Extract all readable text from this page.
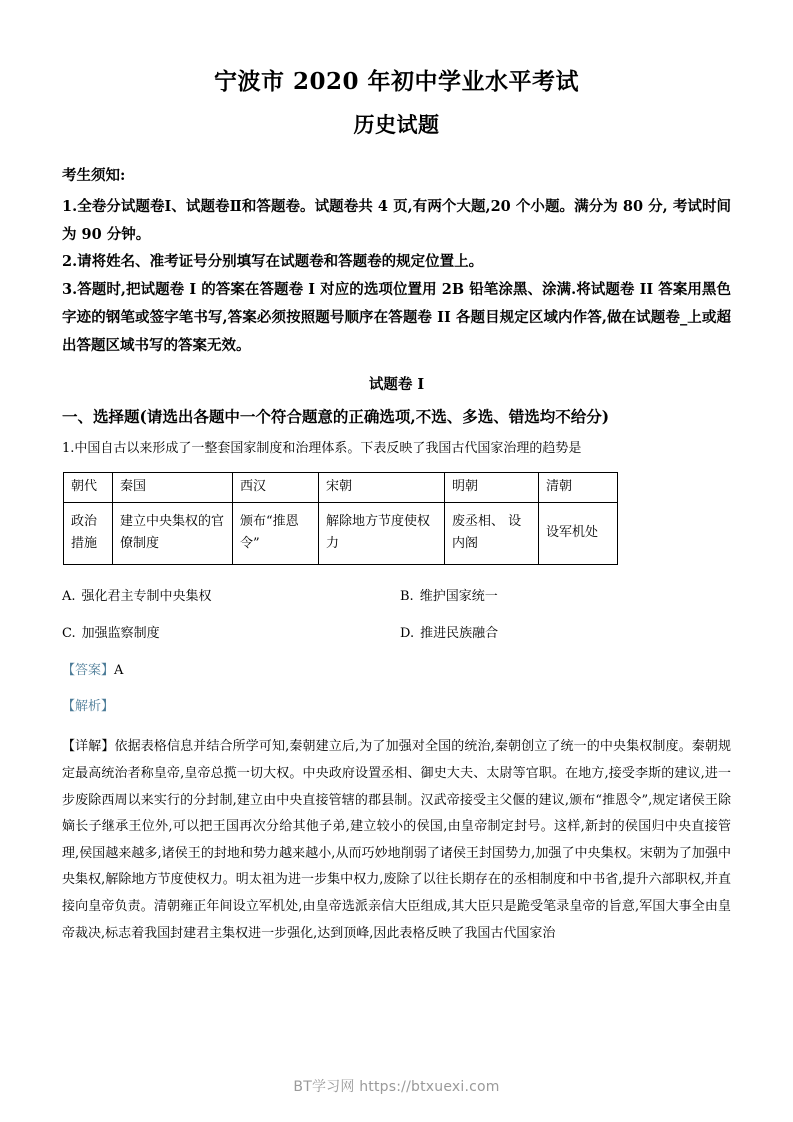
宁波市 2020 年初中学业水平考试
历史试题
考生须知:

1.全卷分试题卷Ⅰ、试题卷Ⅱ和答题卷。试题卷共 4 页,有两个大题,20 个小题。满分为 80 分, 考试时间为 90 分钟。

2.请将姓名、准考证号分别填写在试题卷和答题卷的规定位置上。

3.答题时,把试题卷 I 的答案在答题卷 I 对应的选项位置用 2B 铅笔涂黑、涂满.将试题卷 II 答案用黑色字迹的钢笔或签字笔书写,答案必须按照题号顺序在答题卷 II 各题目规定区域内作答,做在试题卷_上或超出答题区域书写的答案无效。

试题卷 I
一、选择题(请选出各题中一个符合题意的正确选项,不选、多选、错选均不给分)

1.中国自古以来形成了一整套国家制度和治理体系。下表反映了我国古代国家治理的趋势是

朝代	秦国	西汉	宋朝	明朝	清朝
政治措施	建立中央集权的官僚制度	颁布“推恩令”	解除地方节度使权力	废丞相、 设内阁	设军机处
A. 强化君主专制中央集权	B. 维护国家统一
C. 加强监察制度	D. 推进民族融合

【答案】A

【解析】

【详解】依据表格信息并结合所学可知,秦朝建立后,为了加强对全国的统治,秦朝创立了统一的中央集权制度。秦朝规定最高统治者称皇帝,皇帝总揽一切大权。中央政府设置丞相、御史大夫、太尉等官职。在地方,接受李斯的建议,进一步废除西周以来实行的分封制,建立由中央直接管辖的郡县制。汉武帝接受主父偃的建议,颁布“推恩令”,规定诸侯王除嫡长子继承王位外,可以把王国再次分给其他子弟,建立较小的侯国,由皇帝制定封号。这样,新封的侯国归中央直接管理,侯国越来越多,诸侯王的封地和势力越来越小,从而巧妙地削弱了诸侯王封国势力,加强了中央集权。宋朝为了加强中央集权,解除地方节度使权力。明太祖为进一步集中权力,废除了以往长期存在的丞相制度和中书省,提升六部职权,并直接向皇帝负责。清朝雍正年间设立军机处,由皇帝选派亲信大臣组成,其大臣只是跪受笔录皇帝的旨意,军国大事全由皇帝裁决,标志着我国封建君主集权进一步强化,达到顶峰,因此表格反映了我国古代国家治

BT学习网 https://btxuexi.com
